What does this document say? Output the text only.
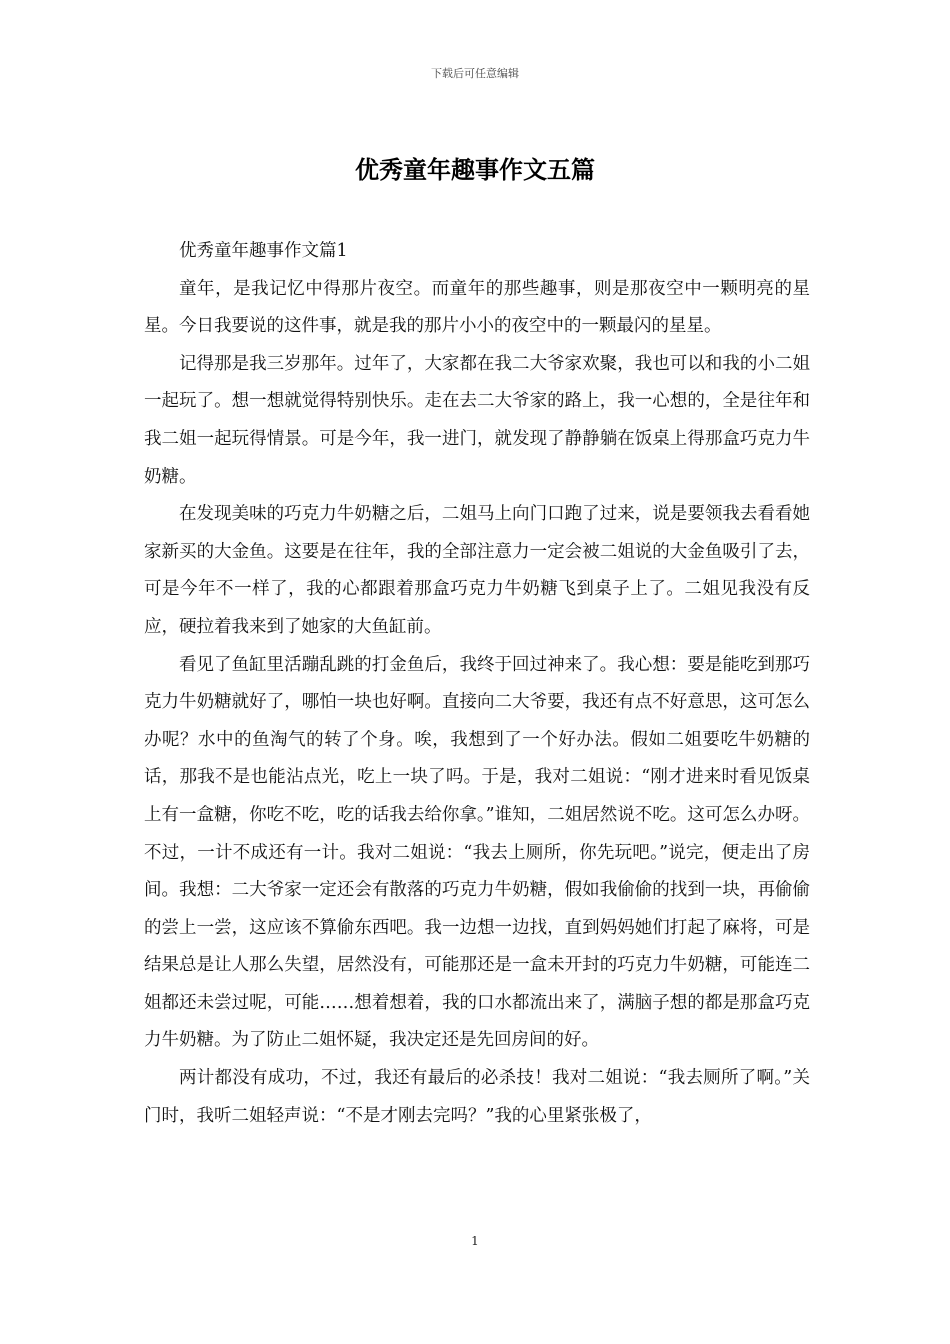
下载后可任意编辑
优秀童年趣事作文五篇

优秀童年趣事作文篇1

童年，是我记忆中得那片夜空。而童年的那些趣事，则是那夜空中一颗明亮的星星。今日我要说的这件事，就是我的那片小小的夜空中的一颗最闪的星星。

记得那是我三岁那年。过年了，大家都在我二大爷家欢聚，我也可以和我的小二姐一起玩了。想一想就觉得特别快乐。走在去二大爷家的路上，我一心想的，全是往年和我二姐一起玩得情景。可是今年，我一进门，就发现了静静躺在饭桌上得那盒巧克力牛奶糖。

在发现美味的巧克力牛奶糖之后，二姐马上向门口跑了过来，说是要领我去看看她家新买的大金鱼。这要是在往年，我的全部注意力一定会被二姐说的大金鱼吸引了去，可是今年不一样了，我的心都跟着那盒巧克力牛奶糖飞到桌子上了。二姐见我没有反应，硬拉着我来到了她家的大鱼缸前。

看见了鱼缸里活蹦乱跳的打金鱼后，我终于回过神来了。我心想：要是能吃到那巧克力牛奶糖就好了，哪怕一块也好啊。直接向二大爷要，我还有点不好意思，这可怎么办呢？水中的鱼淘气的转了个身。唉，我想到了一个好办法。假如二姐要吃牛奶糖的话，那我不是也能沾点光，吃上一块了吗。于是，我对二姐说：“刚才进来时看见饭桌上有一盒糖，你吃不吃，吃的话我去给你拿。”谁知，二姐居然说不吃。这可怎么办呀。不过，一计不成还有一计。我对二姐说：“我去上厕所，你先玩吧。”说完，便走出了房间。我想：二大爷家一定还会有散落的巧克力牛奶糖，假如我偷偷的找到一块，再偷偷的尝上一尝，这应该不算偷东西吧。我一边想一边找，直到妈妈她们打起了麻将，可是结果总是让人那么失望，居然没有，可能那还是一盒未开封的巧克力牛奶糖，可能连二姐都还未尝过呢，可能……想着想着，我的口水都流出来了，满脑子想的都是那盒巧克力牛奶糖。为了防止二姐怀疑，我决定还是先回房间的好。

两计都没有成功，不过，我还有最后的必杀技！我对二姐说：“我去厕所了啊。”关门时，我听二姐轻声说：“不是才刚去完吗？”我的心里紧张极了，

1
